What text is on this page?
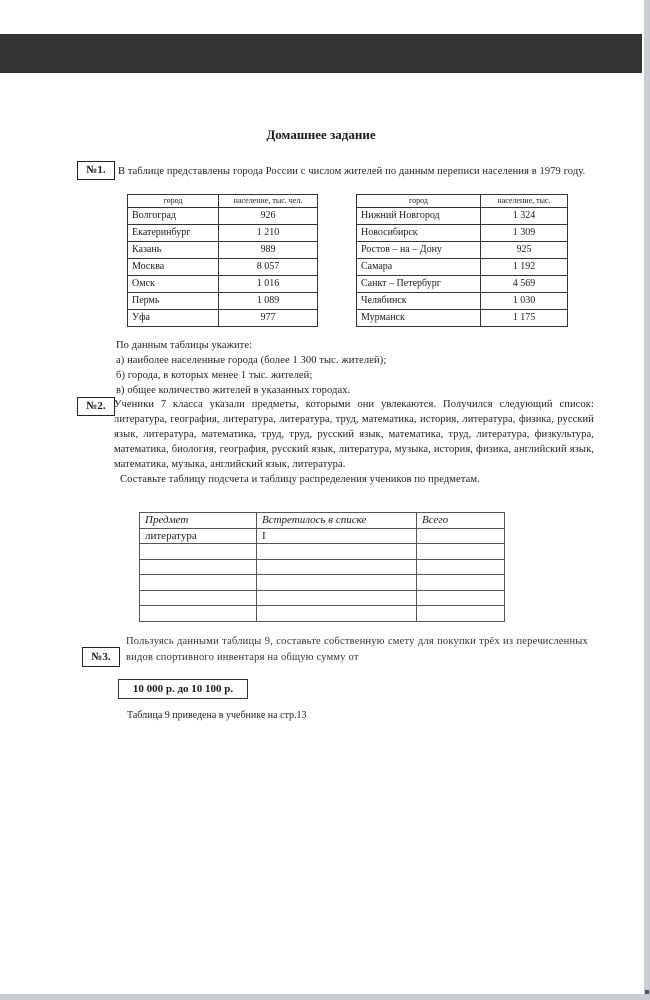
Домашнее задание
№1.	В таблице представлены города России с числом жителей по данным переписи населения в 1979 году.
город	население, тыс. чел.
Волгоград	926
Екатеринбург	1 210
Казань	989
Москва	8 057
Омск	1 016
Пермь	1 089
Уфа	977
город	население, тыс.
Нижний Новгород	1 324
Новосибирск	1 309
Ростов – на – Дону	925
Самара	1 192
Санкт – Петербург	4 569
Челябинск	1 030
Мурманск	1 175

По данным таблицы укажите:

а) наиболее населенные города (более 1 300 тыс. жителей);

б) города, в которых менее 1 тыс. жителей;

в) общее количество жителей в указанных городах.

№2. Ученики 7 класса указали предметы, которыми они увлекаются. Получился следующий список: литература, география, литература, литература, труд, математика, история, литература, физика, русский язык, литература, математика, труд, труд, русский язык, математика, труд, литература, физкультура, математика, биология, география, русский язык, литература, музыка, история, физика, английский язык, математика, музыка, английский язык, литература.

Составьте таблицу подсчета и таблицу распределения учеников по предметам.

Предмет	Встретилось в списке	Всего
литература	I	

№3.
Пользуясь данными таблицы 9, составьте собственную смету для покупки трёх из перечисленных видов спортивного инвентаря на общую сумму от
10 000 р. до 10 100 р.
Таблица 9 приведена в учебнике на стр.13
